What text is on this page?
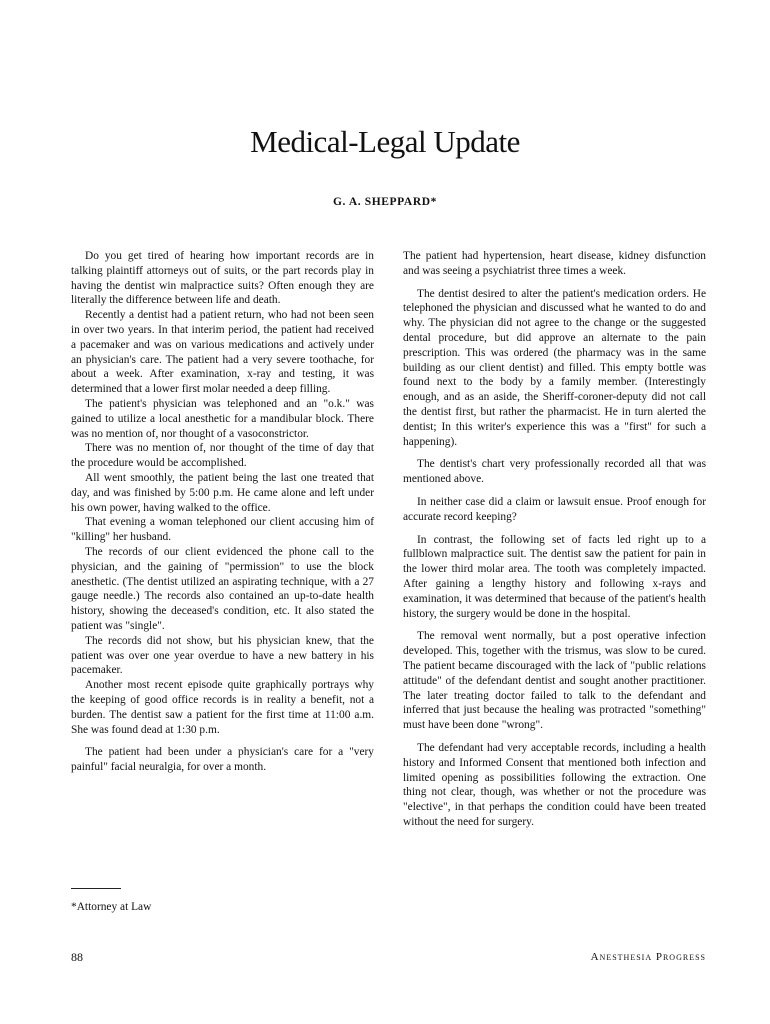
Medical-Legal Update
G. A. SHEPPARD*

Do you get tired of hearing how important records are in talking plaintiff attorneys out of suits, or the part records play in having the dentist win malpractice suits? Often enough they are literally the difference between life and death.

Recently a dentist had a patient return, who had not been seen in over two years. In that interim period, the patient had received a pacemaker and was on various medications and actively under an physician's care. The patient had a very severe toothache, for about a week. After examination, x-ray and testing, it was determined that a lower first molar needed a deep filling.

The patient's physician was telephoned and an "o.k." was gained to utilize a local anesthetic for a mandibular block. There was no mention of, nor thought of a vasoconstrictor.

There was no mention of, nor thought of the time of day that the procedure would be accomplished.

All went smoothly, the patient being the last one treated that day, and was finished by 5:00 p.m. He came alone and left under his own power, having walked to the office.

That evening a woman telephoned our client accusing him of "killing" her husband.

The records of our client evidenced the phone call to the physician, and the gaining of "permission" to use the block anesthetic. (The dentist utilized an aspirating technique, with a 27 gauge needle.) The records also contained an up-to-date health history, showing the deceased's condition, etc. It also stated the patient was "single".

The records did not show, but his physician knew, that the patient was over one year overdue to have a new battery in his pacemaker.

Another most recent episode quite graphically portrays why the keeping of good office records is in reality a benefit, not a burden. The dentist saw a patient for the first time at 11:00 a.m. She was found dead at 1:30 p.m.

The patient had been under a physician's care for a "very painful" facial neuralgia, for over a month.

The patient had hypertension, heart disease, kidney disfunction and was seeing a psychiatrist three times a week.

The dentist desired to alter the patient's medication orders. He telephoned the physician and discussed what he wanted to do and why. The physician did not agree to the change or the suggested dental procedure, but did approve an alternate to the pain prescription. This was ordered (the pharmacy was in the same building as our client dentist) and filled. This empty bottle was found next to the body by a family member. (Interestingly enough, and as an aside, the Sheriff-coroner-deputy did not call the dentist first, but rather the pharmacist. He in turn alerted the dentist; In this writer's experience this was a "first" for such a happening).

The dentist's chart very professionally recorded all that was mentioned above.

In neither case did a claim or lawsuit ensue. Proof enough for accurate record keeping?

In contrast, the following set of facts led right up to a fullblown malpractice suit. The dentist saw the patient for pain in the lower third molar area. The tooth was completely impacted. After gaining a lengthy history and following x-rays and examination, it was determined that because of the patient's health history, the surgery would be done in the hospital.

The removal went normally, but a post operative infection developed. This, together with the trismus, was slow to be cured. The patient became discouraged with the lack of "public relations attitude" of the defendant dentist and sought another practitioner. The later treating doctor failed to talk to the defendant and inferred that just because the healing was protracted "something" must have been done "wrong".

The defendant had very acceptable records, including a health history and Informed Consent that mentioned both infection and limited opening as possibilities following the extraction. One thing not clear, though, was whether or not the procedure was "elective", in that perhaps the condition could have been treated without the need for surgery.

*Attorney at Law
88	Anesthesia Progress
